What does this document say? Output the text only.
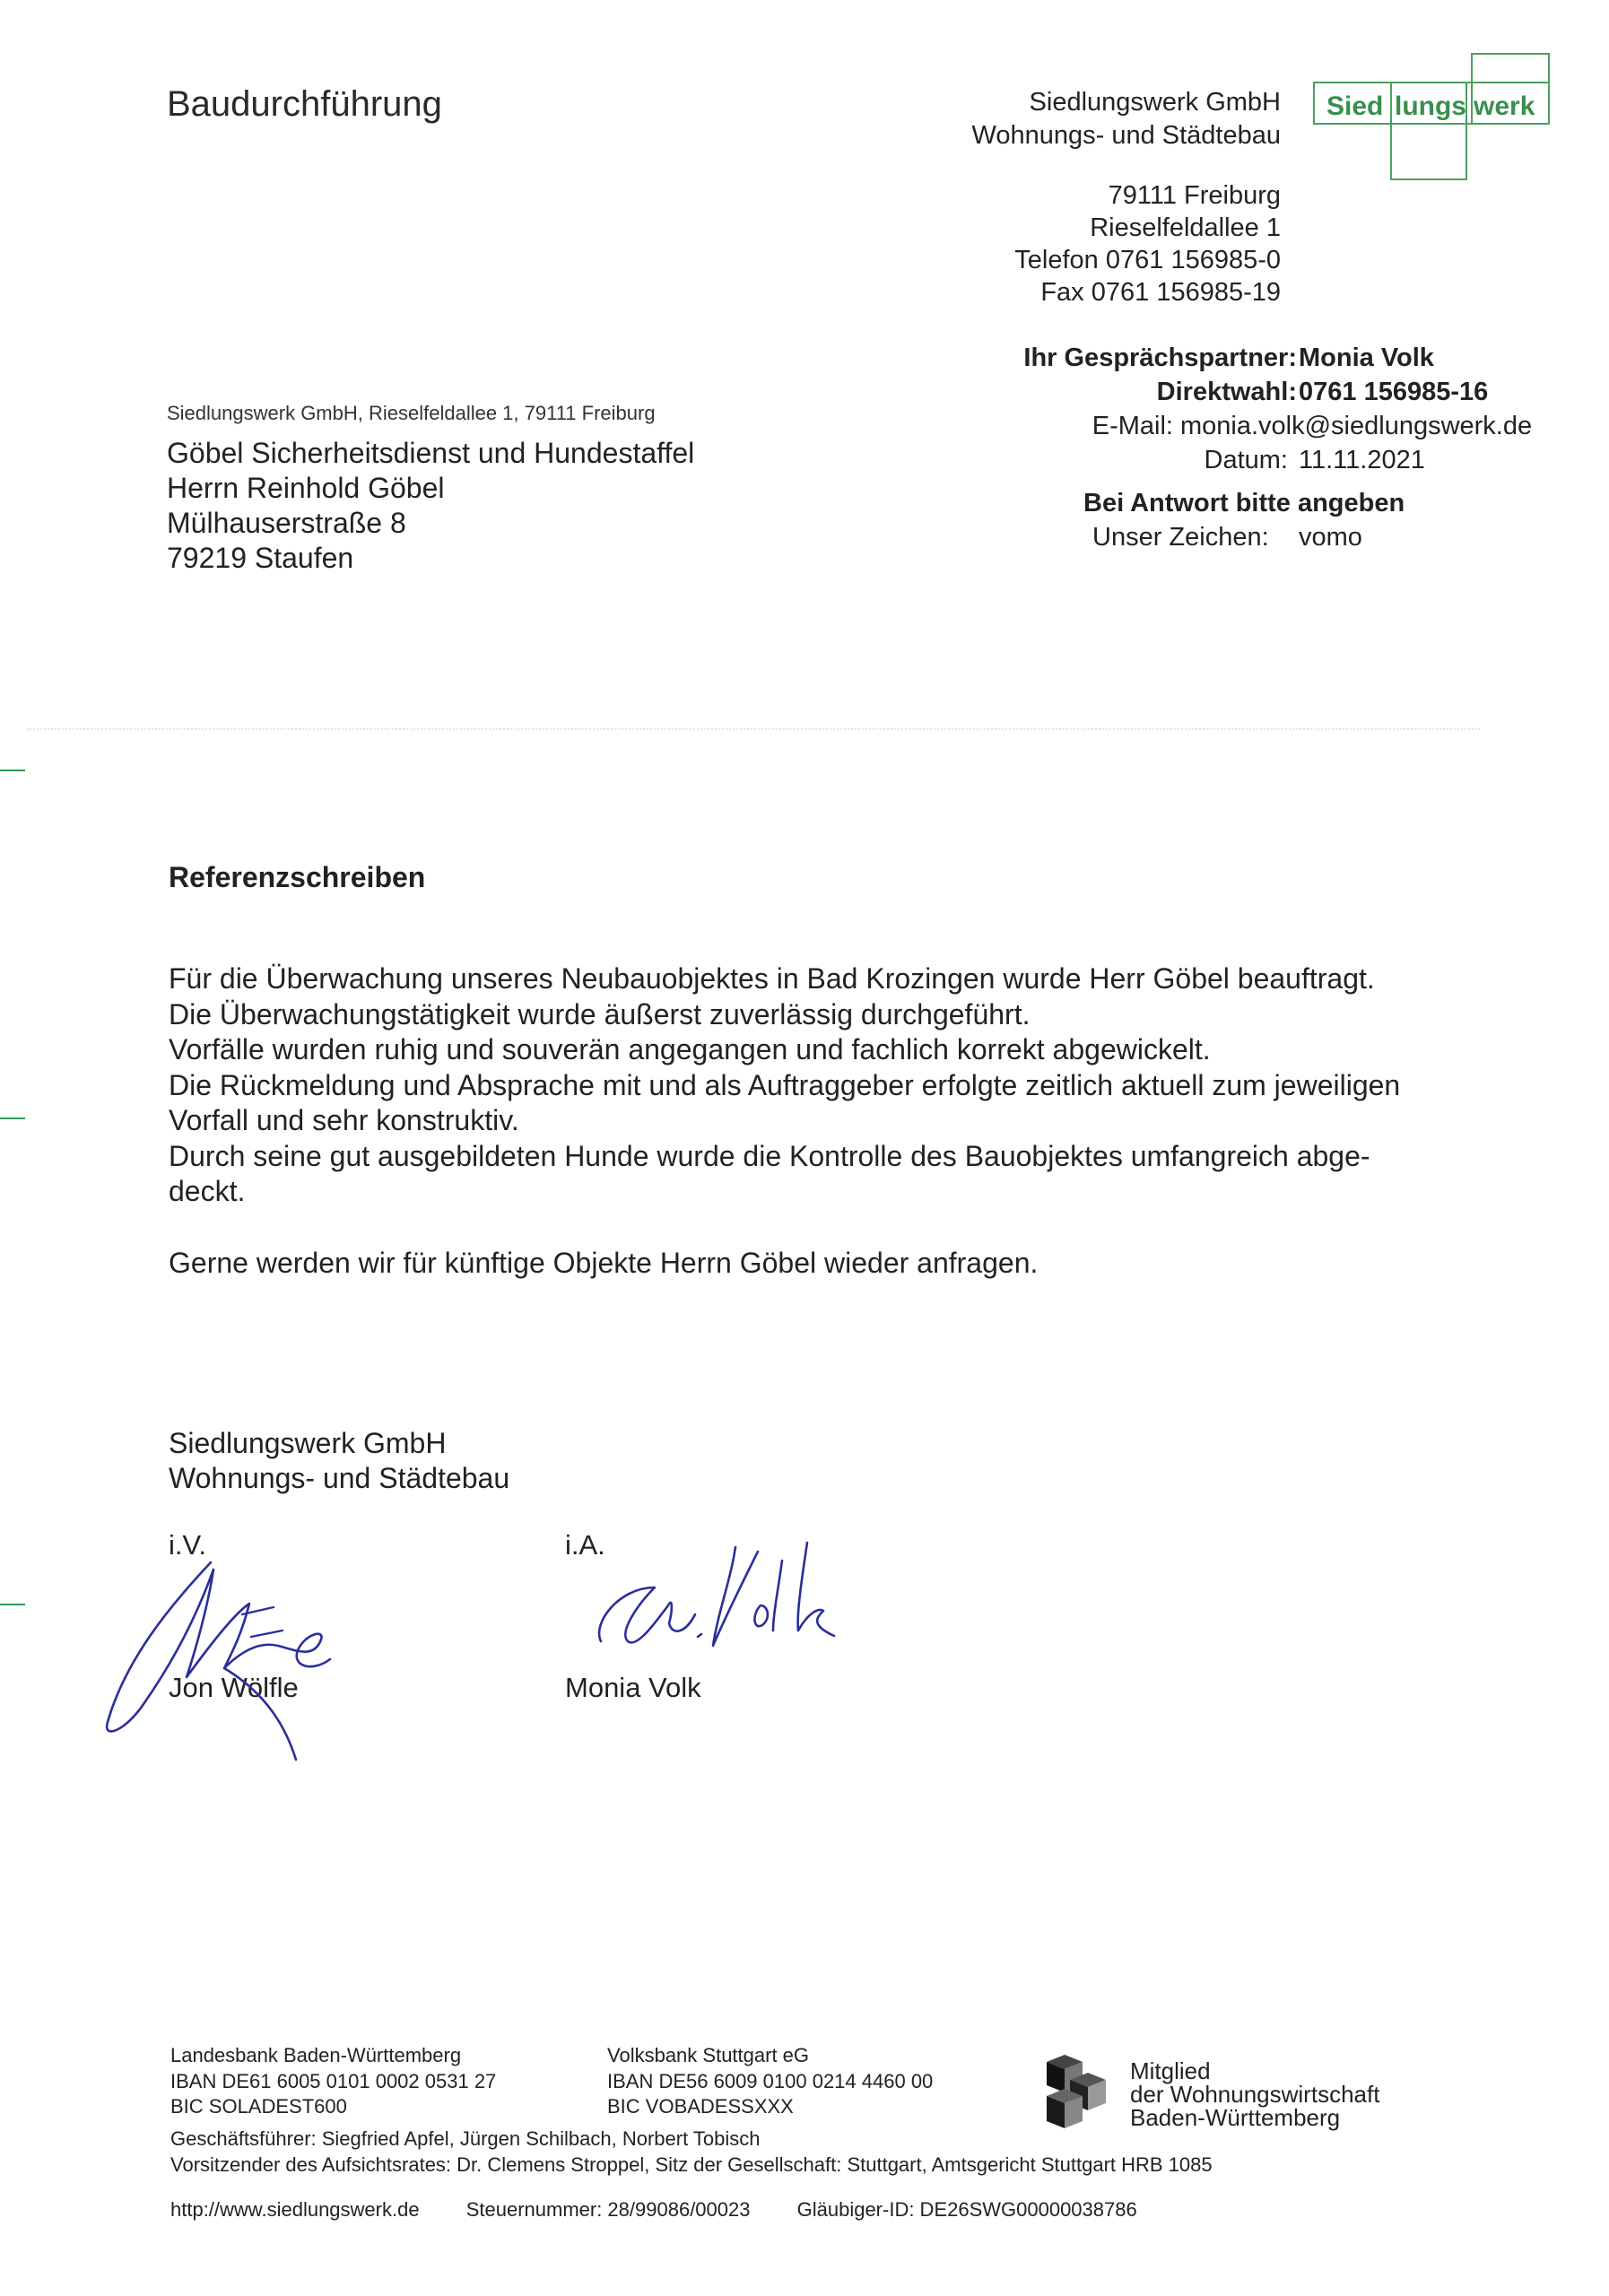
Baudurchführung	Siedlungswerk GmbH
Wohnungs- und Städtebau
Sied lungs werk
79111 Freiburg
Rieselfeldallee 1
Telefon 0761 156985-0
Fax 0761 156985-19
Ihr Gesprächspartner: Monia Volk
Direktwahl: 0761 156985-16
E-Mail: monia.volk@siedlungswerk.de
Datum: 11.11.2021
Bei Antwort bitte angeben
Unser Zeichen: vomo
Siedlungswerk GmbH, Rieselfeldallee 1, 79111 Freiburg
Göbel Sicherheitsdienst und Hundestaffel
Herrn Reinhold Göbel
Mülhauserstraße 8
79219 Staufen
Referenzschreiben

Für die Überwachung unseres Neubauobjektes in Bad Krozingen wurde Herr Göbel beauftragt.

Die Überwachungstätigkeit wurde äußerst zuverlässig durchgeführt.

Vorfälle wurden ruhig und souverän angegangen und fachlich korrekt abgewickelt.

Die Rückmeldung und Absprache mit und als Auftraggeber erfolgte zeitlich aktuell zum jeweiligen

Vorfall und sehr konstruktiv.

Durch seine gut ausgebildeten Hunde wurde die Kontrolle des Bauobjektes umfangreich abge-

deckt.

Gerne werden wir für künftige Objekte Herrn Göbel wieder anfragen.

Siedlungswerk GmbH
Wohnungs- und Städtebau
i.V.	i.A.
Jon Wölfle	Monia Volk
Landesbank Baden-Württemberg
IBAN DE61 6005 0101 0002 0531 27
BIC SOLADEST600
Volksbank Stuttgart eG
IBAN DE56 6009 0100 0214 4460 00
BIC VOBADESSXXX
Mitglied
der Wohnungswirtschaft
Baden-Württemberg
Geschäftsführer: Siegfried Apfel, Jürgen Schilbach, Norbert Tobisch
Vorsitzender des Aufsichtsrates: Dr. Clemens Stroppel, Sitz der Gesellschaft: Stuttgart, Amtsgericht Stuttgart HRB 1085
http://www.siedlungswerk.de Steuernummer: 28/99086/00023 Gläubiger-ID: DE26SWG00000038786
